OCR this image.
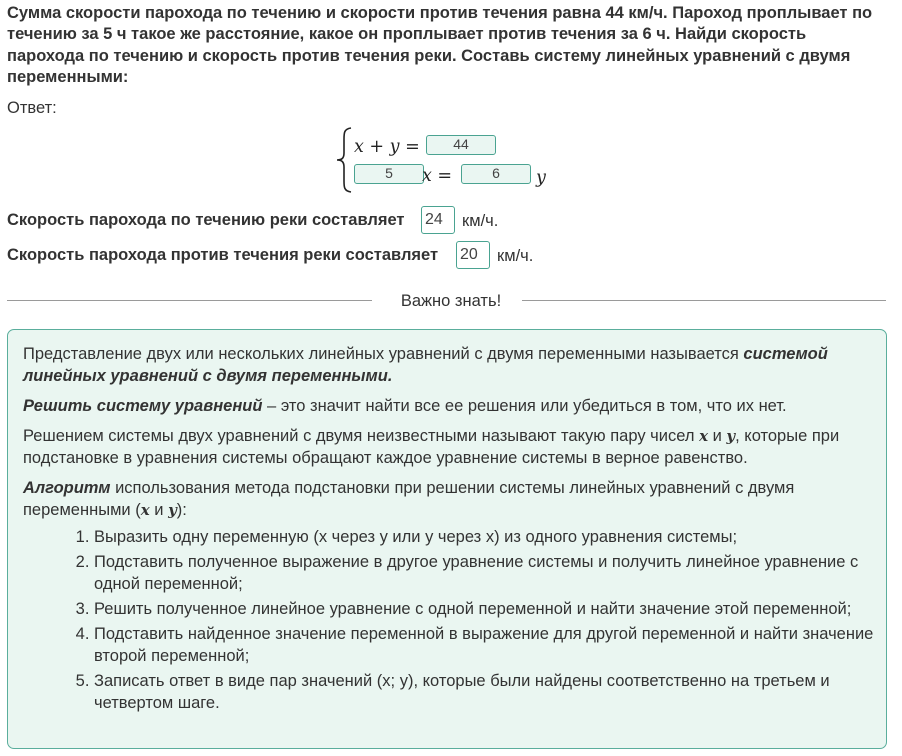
Сумма скорости парохода по течению и скорости против течения равна 44 км/ч. Пароход проплывает по течению за 5 ч такое же расстояние, какое он проплывает против течения за 6 ч. Найди скорость парохода по течению и скорость против течения реки. Составь систему линейных уравнений с двумя переменными:
Ответ:
x + y =	44
5	x =	6	y
Скорость парохода по течению реки составляет 24	км/ч.
Скорость парохода против течения реки составляет 20	км/ч.
Важно знать!

Представление двух или нескольких линейных уравнений с двумя переменными называется системой линейных уравнений с двумя переменными.

Решить систему уравнений – это значит найти все ее решения или убедиться в том, что их нет.

Решением системы двух уравнений с двумя неизвестными называют такую пару чисел x и y, которые при подстановке в уравнения системы обращают каждое уравнение системы в верное равенство.

Алгоритм использования метода подстановки при решении системы линейных уравнений с двумя переменными (x и y):

1. Выразить одну переменную (x через y или y через x) из одного уравнения системы;
2. Подставить полученное выражение в другое уравнение системы и получить линейное уравнение с одной переменной;
3. Решить полученное линейное уравнение с одной переменной и найти значение этой переменной;
4. Подставить найденное значение переменной в выражение для другой переменной и найти значение второй переменной;
5. Записать ответ в виде пар значений (x; y), которые были найдены соответственно на третьем и четвертом шаге.
